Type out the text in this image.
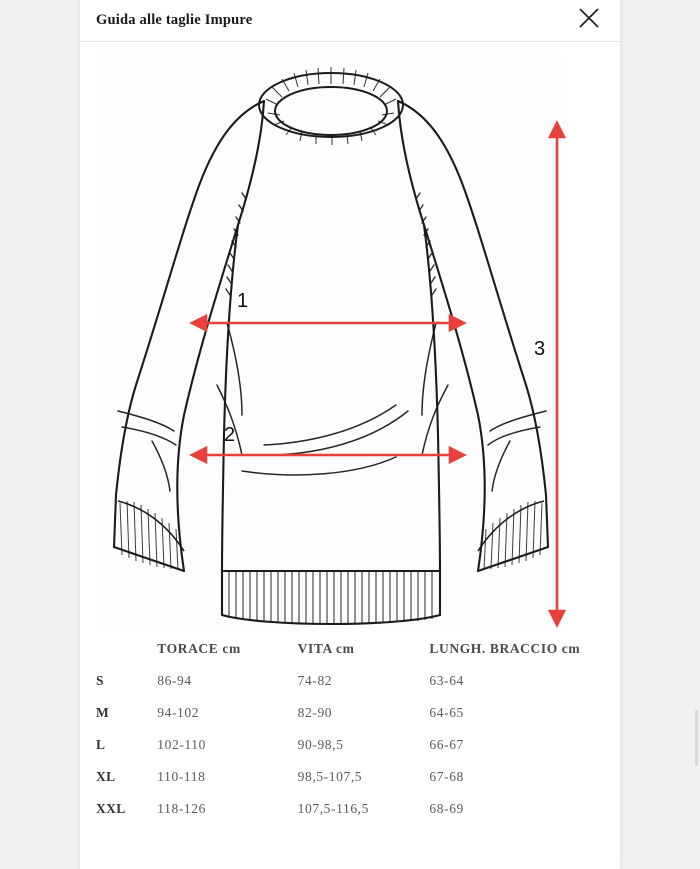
Guida alle taglie Impure
1
2
3
	TORACE cm	VITA cm	LUNGH. BRACCIO cm
S	86-94	74-82	63-64
M	94-102	82-90	64-65
L	102-110	90-98,5	66-67
XL	110-118	98,5-107,5	67-68
XXL	118-126	107,5-116,5	68-69
